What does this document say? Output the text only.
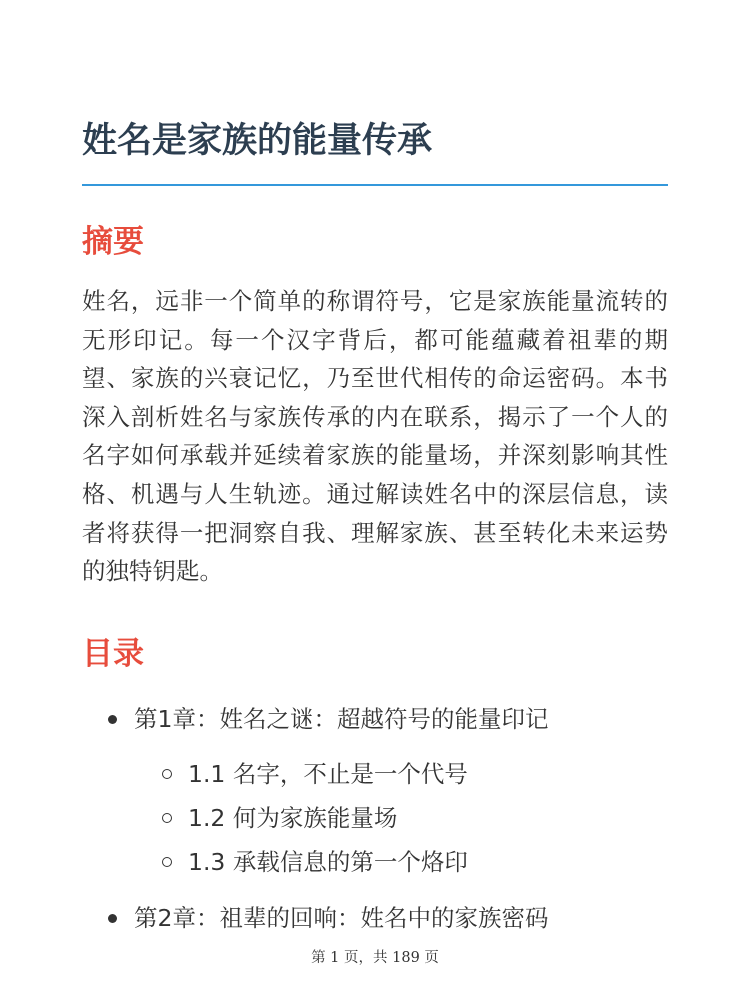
姓名是家族的能量传承
摘要

姓名，远非一个简单的称谓符号，它是家族能量流转的无形印记。每一个汉字背后，都可能蕴藏着祖辈的期望、家族的兴衰记忆，乃至世代相传的命运密码。本书深入剖析姓名与家族传承的内在联系，揭示了一个人的名字如何承载并延续着家族的能量场，并深刻影响其性格、机遇与人生轨迹。通过解读姓名中的深层信息，读者将获得一把洞察自我、理解家族、甚至转化未来运势的独特钥匙。

目录
第1章：姓名之谜：超越符号的能量印记
1.1 名字，不止是一个代号
1.2 何为家族能量场
1.3 承载信息的第一个烙印
第2章：祖辈的回响：姓名中的家族密码
第 1 页，共 189 页
